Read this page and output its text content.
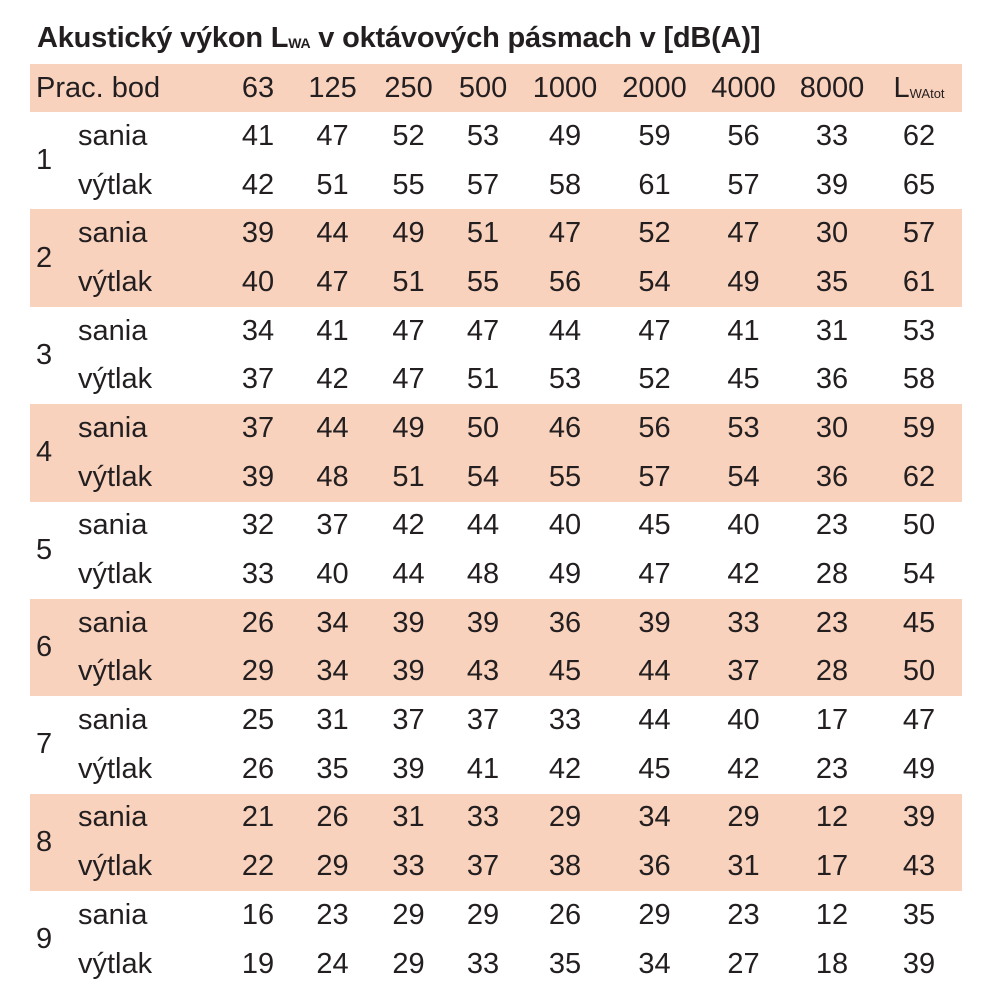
Akustický výkon LWA v oktávových pásmach v [dB(A)]
Prac. bod		63	125	250	500	1000	2000	4000	8000	LWAtot
1	sania	41	47	52	53	49	59	56	33	62
	výtlak	42	51	55	57	58	61	57	39	65
2	sania	39	44	49	51	47	52	47	30	57
	výtlak	40	47	51	55	56	54	49	35	61
3	sania	34	41	47	47	44	47	41	31	53
	výtlak	37	42	47	51	53	52	45	36	58
4	sania	37	44	49	50	46	56	53	30	59
	výtlak	39	48	51	54	55	57	54	36	62
5	sania	32	37	42	44	40	45	40	23	50
	výtlak	33	40	44	48	49	47	42	28	54
6	sania	26	34	39	39	36	39	33	23	45
	výtlak	29	34	39	43	45	44	37	28	50
7	sania	25	31	37	37	33	44	40	17	47
	výtlak	26	35	39	41	42	45	42	23	49
8	sania	21	26	31	33	29	34	29	12	39
	výtlak	22	29	33	37	38	36	31	17	43
9	sania	16	23	29	29	26	29	23	12	35
	výtlak	19	24	29	33	35	34	27	18	39
